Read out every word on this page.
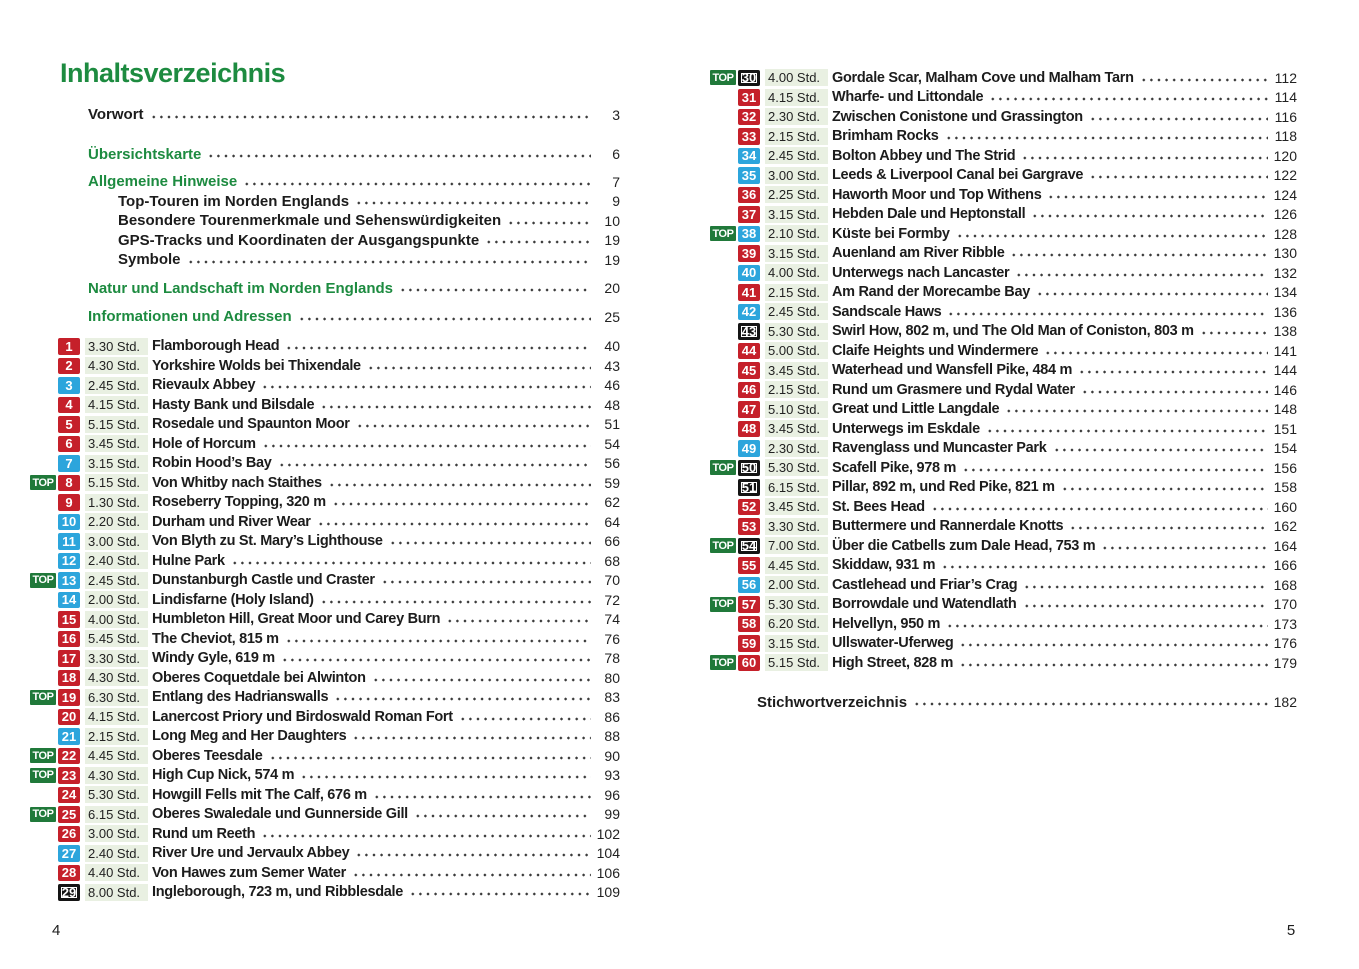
Inhaltsverzeichnis
Vorwort	3
Übersichtskarte	6
Allgemeine Hinweise	7
Top-Touren im Norden Englands	9
Besondere Tourenmerkmale und Sehenswürdigkeiten	10
GPS-Tracks und Koordinaten der Ausgangspunkte	19
Symbole	19
Natur und Landschaft im Norden Englands	20
Informationen und Adressen	25
1	3.30 Std. Flamborough Head	40
2	4.30 Std. Yorkshire Wolds bei Thixendale	43
3	2.45 Std. Rievaulx Abbey	46
4	4.15 Std. Hasty Bank und Bilsdale	48
5	5.15 Std. Rosedale und Spaunton Moor	51
6	3.45 Std. Hole of Horcum	54
7	3.15 Std. Robin Hood’s Bay	56
TOP 8	5.15 Std. Von Whitby nach Staithes	59
9	1.30 Std. Roseberry Topping, 320 m	62
10 2.20 Std. Durham und River Wear	64
11 3.00 Std. Von Blyth zu St. Mary’s Lighthouse	66
12 2.40 Std. Hulne Park	68
TOP 13 2.45 Std. Dunstanburgh Castle und Craster	70
14 2.00 Std. Lindisfarne (Holy Island)	72
15 4.00 Std. Humbleton Hill, Great Moor und Carey Burn	74
16 5.45 Std. The Cheviot, 815 m	76
17 3.30 Std. Windy Gyle, 619 m	78
18 4.30 Std. Oberes Coquetdale bei Alwinton	80
TOP 19 6.30 Std. Entlang des Hadrianswalls	83
20 4.15 Std. Lanercost Priory und Birdoswald Roman Fort	86
21 2.15 Std. Long Meg and Her Daughters	88
TOP 22 4.45 Std. Oberes Teesdale	90
TOP 23 4.30 Std. High Cup Nick, 574 m	93
24 5.30 Std. Howgill Fells mit The Calf, 676 m	96
TOP 25 6.15 Std. Oberes Swaledale und Gunnerside Gill	99
26 3.00 Std. Rund um Reeth	102
27 2.40 Std. River Ure und Jervaulx Abbey	104
28 4.40 Std. Von Hawes zum Semer Water	106
29 8.00 Std. Ingleborough, 723 m, und Ribblesdale	109
TOP 30 4.00 Std. Gordale Scar, Malham Cove und Malham Tarn	112
31 4.15 Std. Wharfe- und Littondale	114
32 2.30 Std. Zwischen Conistone und Grassington	116
33 2.15 Std. Brimham Rocks	118
34 2.45 Std. Bolton Abbey und The Strid	120
35 3.00 Std. Leeds & Liverpool Canal bei Gargrave	122
36 2.25 Std. Haworth Moor und Top Withens	124
37 3.15 Std. Hebden Dale und Heptonstall	126
TOP 38 2.10 Std. Küste bei Formby	128
39 3.15 Std. Auenland am River Ribble	130
40 4.00 Std. Unterwegs nach Lancaster	132
41 2.15 Std. Am Rand der Morecambe Bay	134
42 2.45 Std. Sandscale Haws	136
43 5.30 Std. Swirl How, 802 m, und The Old Man of Coniston, 803 m	138
44 5.00 Std. Claife Heights und Windermere	141
45 3.45 Std. Waterhead und Wansfell Pike, 484 m	144
46 2.15 Std. Rund um Grasmere und Rydal Water	146
47 5.10 Std. Great und Little Langdale	148
48 3.45 Std. Unterwegs im Eskdale	151
49 2.30 Std. Ravenglass und Muncaster Park	154
TOP 50 5.30 Std. Scafell Pike, 978 m	156
51 6.15 Std. Pillar, 892 m, und Red Pike, 821 m	158
52 3.45 Std. St. Bees Head	160
53 3.30 Std. Buttermere und Rannerdale Knotts	162
TOP 54 7.00 Std. Über die Catbells zum Dale Head, 753 m	164
55 4.45 Std. Skiddaw, 931 m	166
56 2.00 Std. Castlehead und Friar’s Crag	168
TOP 57 5.30 Std. Borrowdale und Watendlath	170
58 6.20 Std. Helvellyn, 950 m	173
59 3.15 Std. Ullswater-Uferweg	176
TOP 60 5.15 Std. High Street, 828 m	179
Stichwortverzeichnis	182
4	5
